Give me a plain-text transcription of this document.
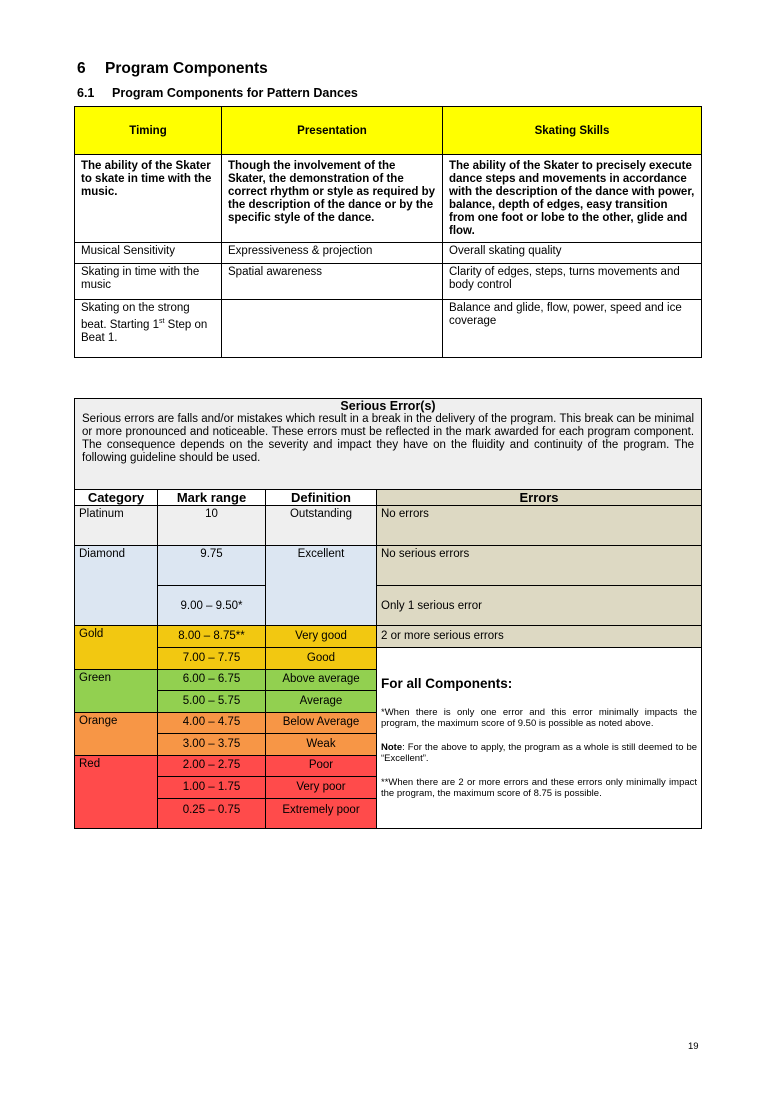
6 Program Components
6.1 Program Components for Pattern Dances
Timing	Presentation	Skating Skills
The ability of the Skater to skate in time with the music.	Though the involvement of the Skater, the demonstration of the correct rhythm or style as required by the description of the dance or by the specific style of the dance.	The ability of the Skater to precisely execute dance steps and movements in accordance with the description of the dance with power, balance, depth of edges, easy transition from one foot or lobe to the other, glide and flow.
Musical Sensitivity	Expressiveness & projection	Overall skating quality
Skating in time with the music	Spatial awareness	Clarity of edges, steps, turns movements and body control
Skating on the strong beat. Starting 1st Step on Beat 1.		Balance and glide, flow, power, speed and ice coverage
Serious Error(s)
Serious errors are falls and/or mistakes which result in a break in the delivery of the program. This break can be minimal or more pronounced and noticeable. These errors must be reflected in the mark awarded for each program component. The consequence depends on the severity and impact they have on the fluidity and continuity of the program. The following guideline should be used.			

Category	Mark range	Definition	Errors
Platinum	10	Outstanding	No errors
Diamond	9.75	Excellent	No serious errors
	9.00 – 9.50*		Only 1 serious error
Gold	8.00 – 8.75**	Very good	2 or more serious errors
	7.00 – 7.75	Good	For all Components:

*When there is only one error and this error minimally impacts the program, the maximum score of 9.50 is possible as noted above.

Note: For the above to apply, the program as a whole is still deemed to be “Excellent”.

**When there are 2 or more errors and these errors only minimally impact the program, the maximum score of 8.75 is possible.

Green	6.00 – 6.75	Above average	
	5.00 – 5.75	Average	
Orange	4.00 – 4.75	Below Average	
	3.00 – 3.75	Weak	
Red	2.00 – 2.75	Poor	
	1.00 – 1.75	Very poor	
	0.25 – 0.75	Extremely poor	
19
